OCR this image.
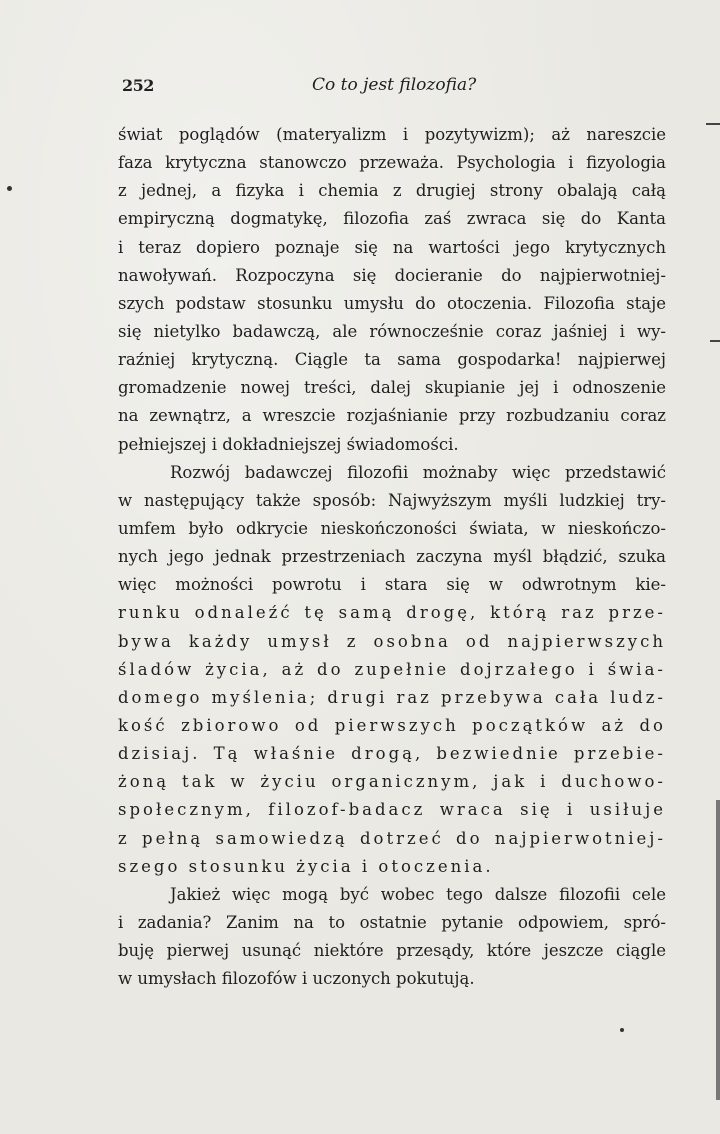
252	Co to jest filozofia?
świat poglądów (materyalizm i pozytywizm); aż nareszcie
faza krytyczna stanowczo przeważa. Psychologia i fizyologia
z jednej, a fizyka i chemia z drugiej strony obalają całą
empiryczną dogmatykę, filozofia zaś zwraca się do Kanta
i teraz dopiero poznaje się na wartości jego krytycznych
nawoływań. Rozpoczyna się docieranie do najpierwotniej-
szych podstaw stosunku umysłu do otoczenia. Filozofia staje
się nietylko badawczą, ale równocześnie coraz jaśniej i wy-
raźniej krytyczną. Ciągle ta sama gospodarka! najpierwej
gromadzenie nowej treści, dalej skupianie jej i odnoszenie
na zewnątrz, a wreszcie rozjaśnianie przy rozbudzaniu coraz
pełniejszej i dokładniejszej świadomości.
Rozwój badawczej filozofii możnaby więc przedstawić
w następujący także sposób: Najwyższym myśli ludzkiej try-
umfem było odkrycie nieskończoności świata, w nieskończo-
nych jego jednak przestrzeniach zaczyna myśl błądzić, szuka
więc możności powrotu i stara się w odwrotnym kie-
runku odnaleźć tę samą drogę, którą raz prze-
bywa każdy umysł z osobna od najpierwszych
śladów życia, aż do zupełnie dojrzałego i świa-
domego myślenia; drugi raz przebywa cała ludz-
kość zbiorowo od pierwszych początków aż do
dzisiaj. Tą właśnie drogą, bezwiednie przebie-
żoną tak w życiu organicznym, jak i duchowo-
społecznym, filozof-badacz wraca się i usiłuje
z pełną samowiedzą dotrzeć do najpierwotniej-
szego stosunku życia i otoczenia.
Jakież więc mogą być wobec tego dalsze filozofii cele
i zadania? Zanim na to ostatnie pytanie odpowiem, spró-
buję pierwej usunąć niektóre przesądy, które jeszcze ciągle
w umysłach filozofów i uczonych pokutują.
